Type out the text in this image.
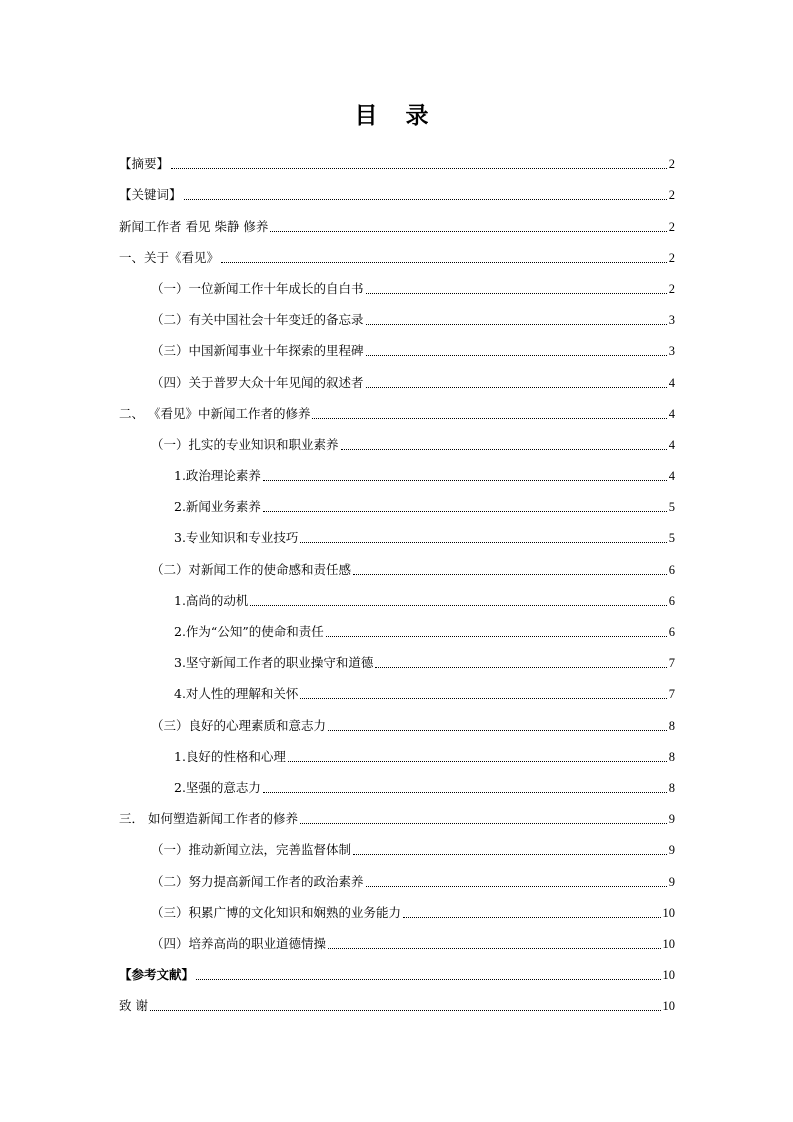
目 录
【摘要】	2
【关键词】	2
新闻工作者 看见 柴静 修养	2
一、关于《看见》	2
（一）一位新闻工作十年成长的自白书	2
（二）有关中国社会十年变迁的备忘录	3
（三）中国新闻事业十年探索的里程碑	3
（四）关于普罗大众十年见闻的叙述者	4
二、 《看见》中新闻工作者的修养	4
（一）扎实的专业知识和职业素养	4
1.政治理论素养	4
2.新闻业务素养	5
3.专业知识和专业技巧	5
（二）对新闻工作的使命感和责任感	6
1.高尚的动机	6
2.作为“公知”的使命和责任	6
3.坚守新闻工作者的职业操守和道德	7
4.对人性的理解和关怀	7
（三）良好的心理素质和意志力	8
1.良好的性格和心理	8
2.坚强的意志力	8
三． 如何塑造新闻工作者的修养	9
（一）推动新闻立法，完善监督体制	9
（二）努力提高新闻工作者的政治素养	9
（三）积累广博的文化知识和娴熟的业务能力	10
（四）培养高尚的职业道德情操	10
【参考文献】	10
致 谢	10
